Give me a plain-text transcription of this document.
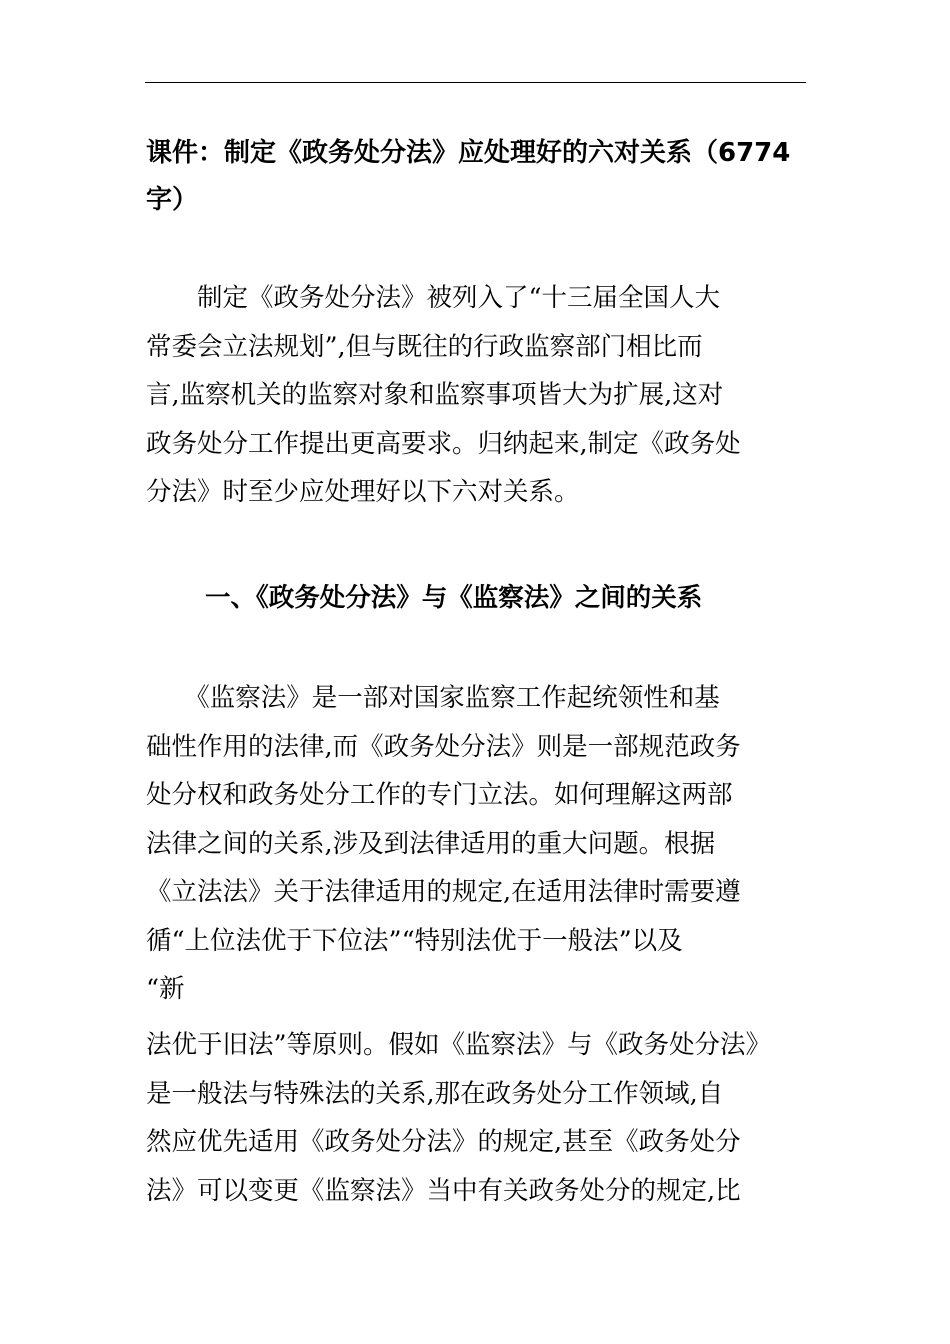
课件：制定《政务处分法》应处理好的六对关系（6774
字）
　　制定《政务处分法》被列入了“十三届全国人大
常委会立法规划”,但与既往的行政监察部门相比而
言,监察机关的监察对象和监察事项皆大为扩展,这对
政务处分工作提出更高要求。归纳起来,制定《政务处
分法》时至少应处理好以下六对关系。
一、《政务处分法》与《监察法》之间的关系
　　《监察法》是一部对国家监察工作起统领性和基
础性作用的法律,而《政务处分法》则是一部规范政务
处分权和政务处分工作的专门立法。如何理解这两部
法律之间的关系,涉及到法律适用的重大问题。根据
《立法法》关于法律适用的规定,在适用法律时需要遵
循“上位法优于下位法”“特别法优于一般法”以及
“新
法优于旧法”等原则。假如《监察法》与《政务处分法》
是一般法与特殊法的关系,那在政务处分工作领域,自
然应优先适用《政务处分法》的规定,甚至《政务处分
法》可以变更《监察法》当中有关政务处分的规定,比
